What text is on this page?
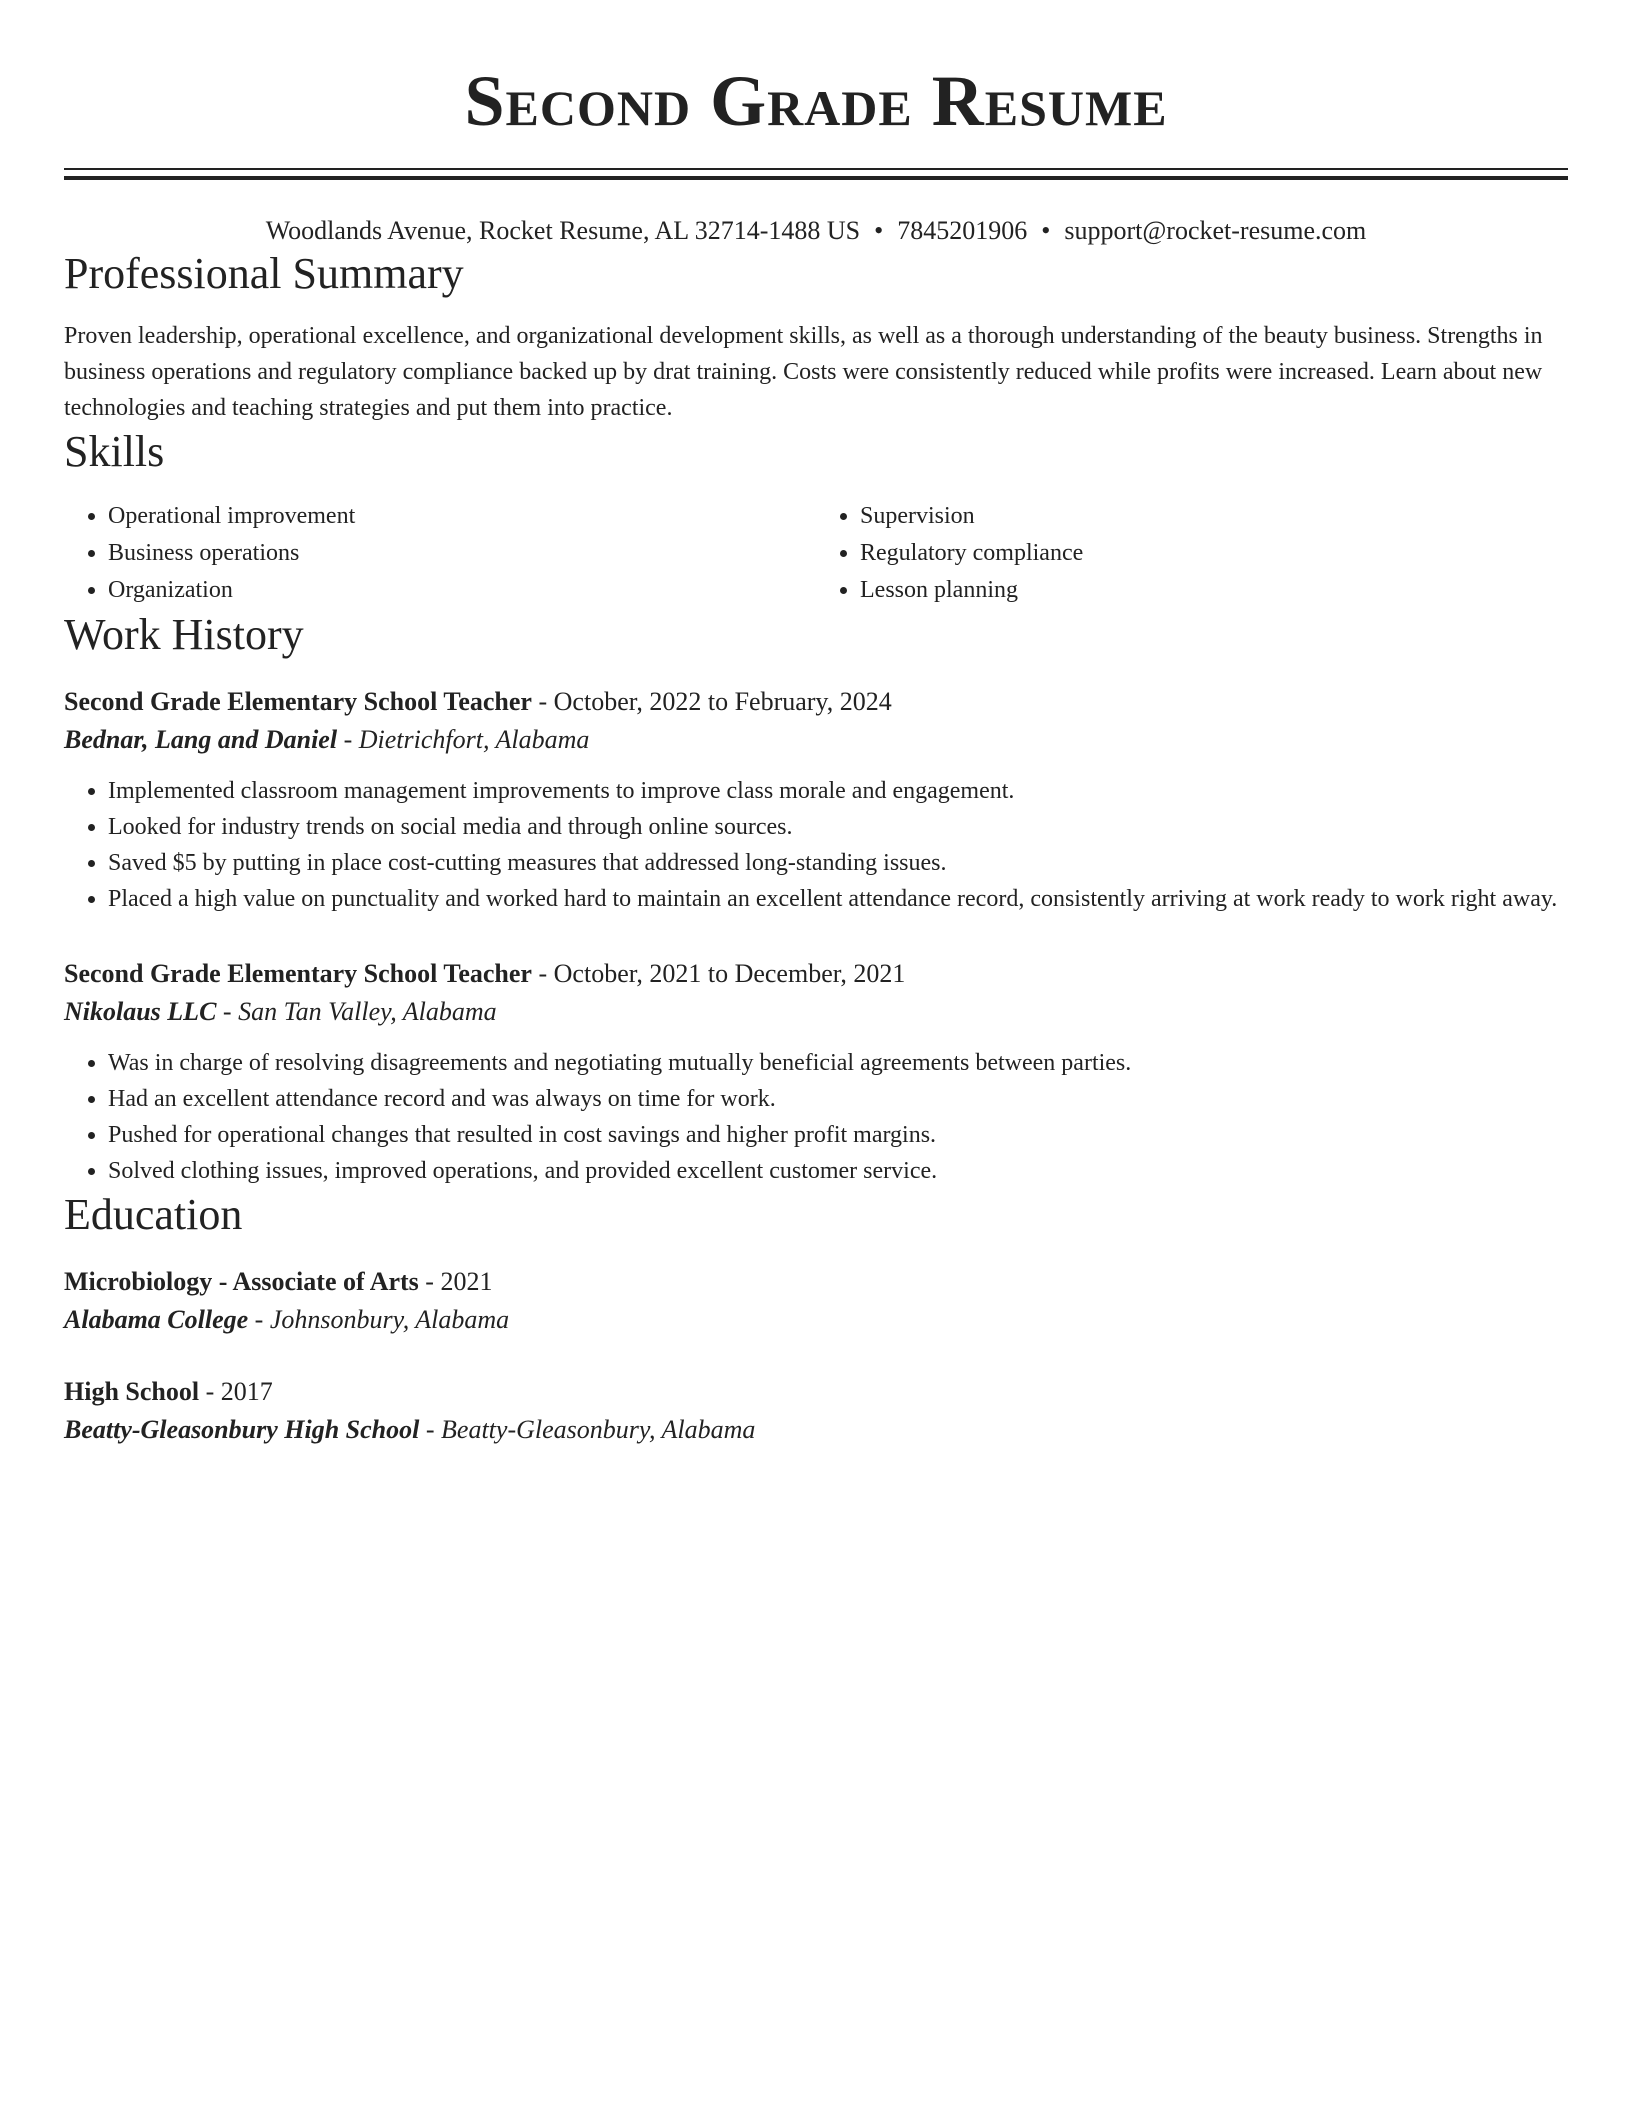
Second Grade Resume
Woodlands Avenue, Rocket Resume, AL 32714-1488 US • 7845201906 • support@rocket-resume.com
Professional Summary
Proven leadership, operational excellence, and organizational development skills, as well as a thorough understanding of the beauty business. Strengths in business operations and regulatory compliance backed up by drat training. Costs were consistently reduced while profits were increased. Learn about new technologies and teaching strategies and put them into practice.
Skills
• Operational improvement
• Business operations
• Organization
• Supervision
• Regulatory compliance
• Lesson planning
Work History
Second Grade Elementary School Teacher - October, 2022 to February, 2024
Bednar, Lang and Daniel - Dietrichfort, Alabama
• Implemented classroom management improvements to improve class morale and engagement.
• Looked for industry trends on social media and through online sources.
• Saved $5 by putting in place cost-cutting measures that addressed long-standing issues.
• Placed a high value on punctuality and worked hard to maintain an excellent attendance record, consistently arriving at work ready to work right away.
Second Grade Elementary School Teacher - October, 2021 to December, 2021
Nikolaus LLC - San Tan Valley, Alabama
• Was in charge of resolving disagreements and negotiating mutually beneficial agreements between parties.
• Had an excellent attendance record and was always on time for work.
• Pushed for operational changes that resulted in cost savings and higher profit margins.
• Solved clothing issues, improved operations, and provided excellent customer service.
Education
Microbiology - Associate of Arts - 2021
Alabama College - Johnsonbury, Alabama
High School - 2017
Beatty-Gleasonbury High School - Beatty-Gleasonbury, Alabama
